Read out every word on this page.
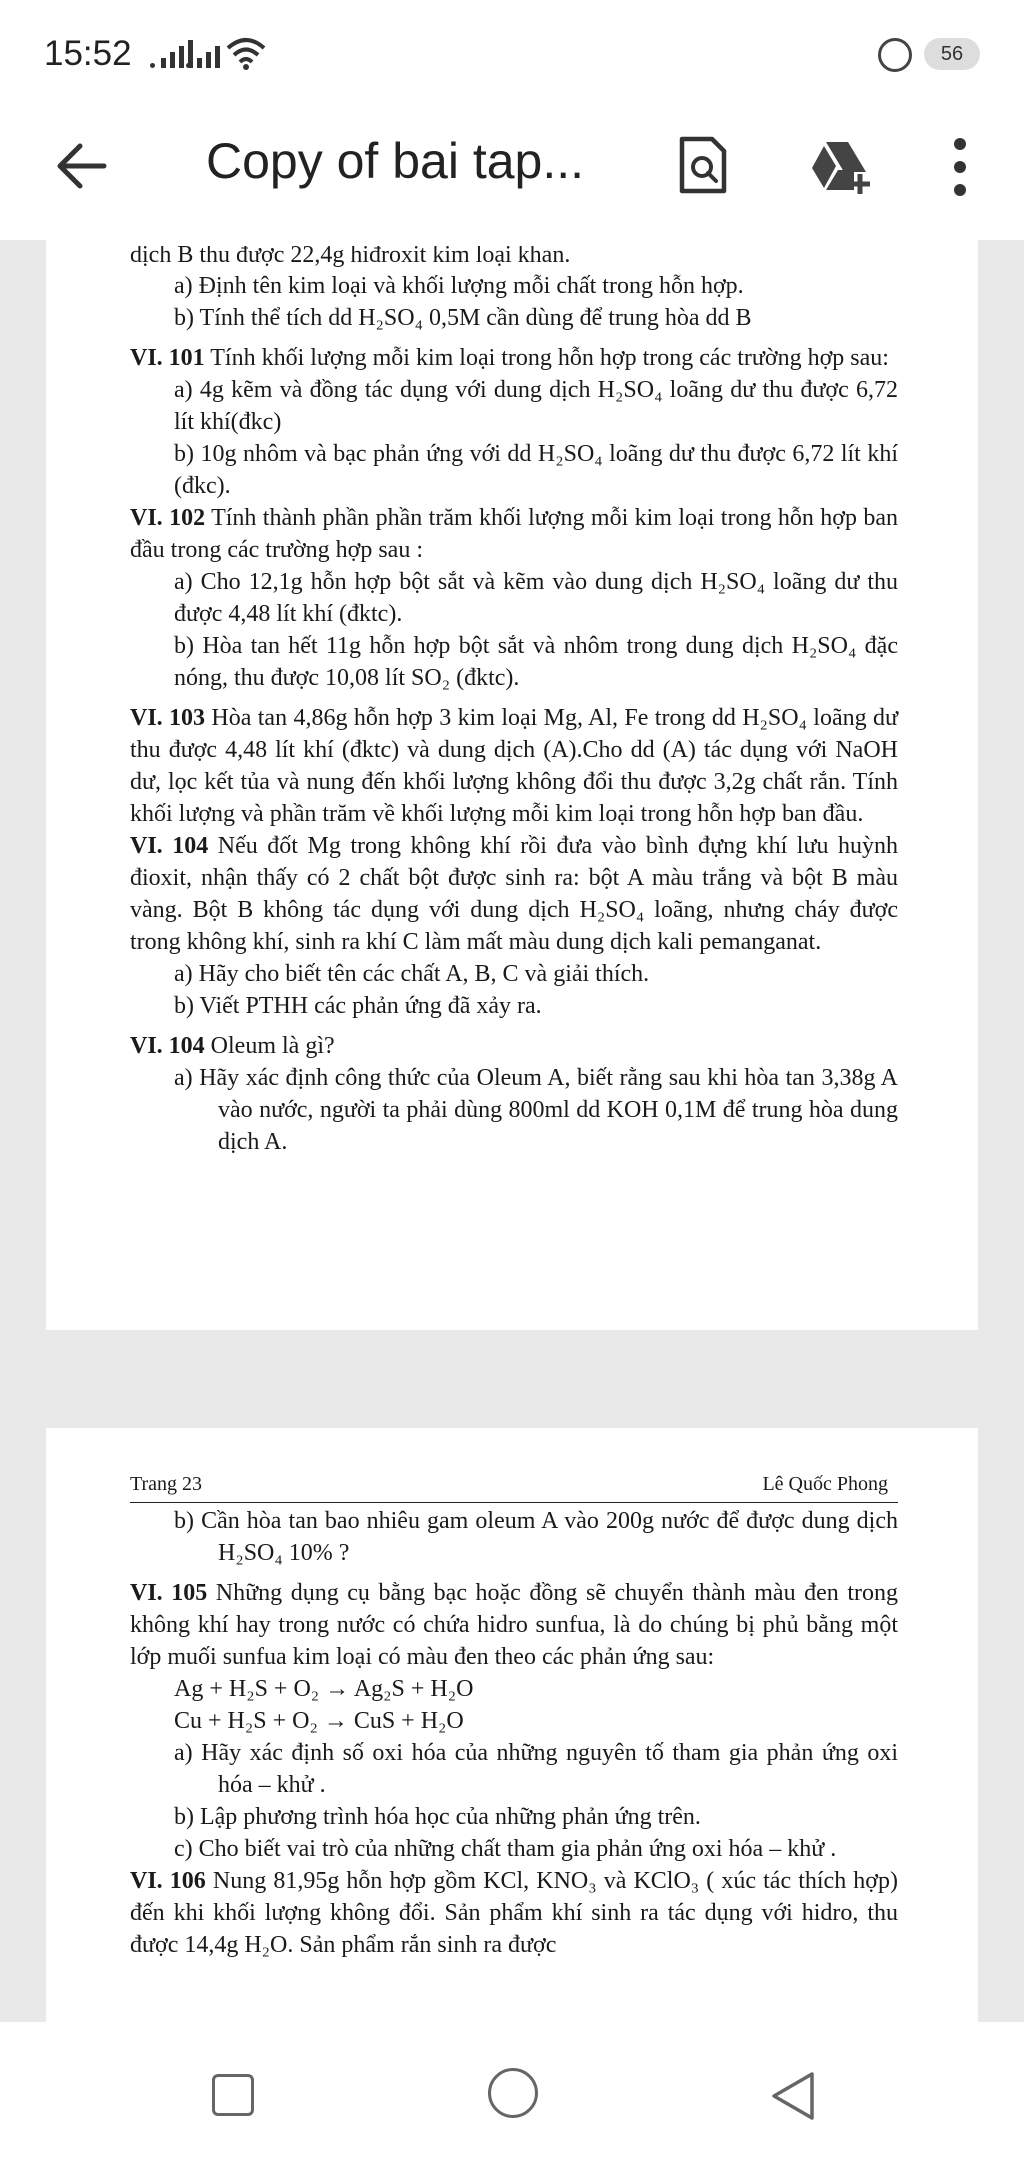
15:52	56
Copy of bai tap...

dịch B thu được 22,4g hiđroxit kim loại khan.

a) Định tên kim loại và khối lượng mỗi chất trong hỗn hợp.

b) Tính thể tích dd H₂SO₄ 0,5M cần dùng để trung hòa dd B

VI. 101 Tính khối lượng mỗi kim loại trong hỗn hợp trong các trường hợp sau:

a) 4g kẽm và đồng tác dụng với dung dịch H₂SO₄ loãng dư thu được 6,72 lít khí(đkc)

b) 10g nhôm và bạc phản ứng với dd H₂SO₄ loãng dư thu được 6,72 lít khí (đkc).

VI. 102 Tính thành phần phần trăm khối lượng mỗi kim loại trong hỗn hợp ban đầu trong các trường hợp sau :

a) Cho 12,1g hỗn hợp bột sắt và kẽm vào dung dịch H₂SO₄ loãng dư thu được 4,48 lít khí (đktc).

b) Hòa tan hết 11g hỗn hợp bột sắt và nhôm trong dung dịch H₂SO₄ đặc nóng, thu được 10,08 lít SO₂ (đktc).

VI. 103 Hòa tan 4,86g hỗn hợp 3 kim loại Mg, Al, Fe trong dd H₂SO₄ loãng dư thu được 4,48 lít khí (đktc) và dung dịch (A).Cho dd (A) tác dụng với NaOH dư, lọc kết tủa và nung đến khối lượng không đổi thu được 3,2g chất rắn. Tính khối lượng và phần trăm về khối lượng mỗi kim loại trong hỗn hợp ban đầu.

VI. 104 Nếu đốt Mg trong không khí rồi đưa vào bình đựng khí lưu huỳnh đioxit, nhận thấy có 2 chất bột được sinh ra: bột A màu trắng và bột B màu vàng. Bột B không tác dụng với dung dịch H₂SO₄ loãng, nhưng cháy được trong không khí, sinh ra khí C làm mất màu dung dịch kali pemanganat.

a) Hãy cho biết tên các chất A, B, C và giải thích.

b) Viết PTHH các phản ứng đã xảy ra.

VI. 104 Oleum là gì?

a) Hãy xác định công thức của Oleum A, biết rằng sau khi hòa tan 3,38g A vào nước, người ta phải dùng 800ml dd KOH 0,1M để trung hòa dung dịch A.

Trang 23	Lê Quốc Phong

b) Cần hòa tan bao nhiêu gam oleum A vào 200g nước để được dung dịch H₂SO₄ 10% ?

VI. 105 Những dụng cụ bằng bạc hoặc đồng sẽ chuyển thành màu đen trong không khí hay trong nước có chứa hidro sunfua, là do chúng bị phủ bằng một lớp muối sunfua kim loại có màu đen theo các phản ứng sau:

Ag + H₂S + O₂ → Ag₂S + H₂O

Cu + H₂S + O₂ → CuS + H₂O

a) Hãy xác định số oxi hóa của những nguyên tố tham gia phản ứng oxi hóa – khử .

b) Lập phương trình hóa học của những phản ứng trên.

c) Cho biết vai trò của những chất tham gia phản ứng oxi hóa – khử .

VI. 106 Nung 81,95g hỗn hợp gồm KCl, KNO₃ và KClO₃ ( xúc tác thích hợp) đến khi khối lượng không đổi. Sản phẩm khí sinh ra tác dụng với hidro, thu được 14,4g H₂O. Sản phẩm rắn sinh ra được
